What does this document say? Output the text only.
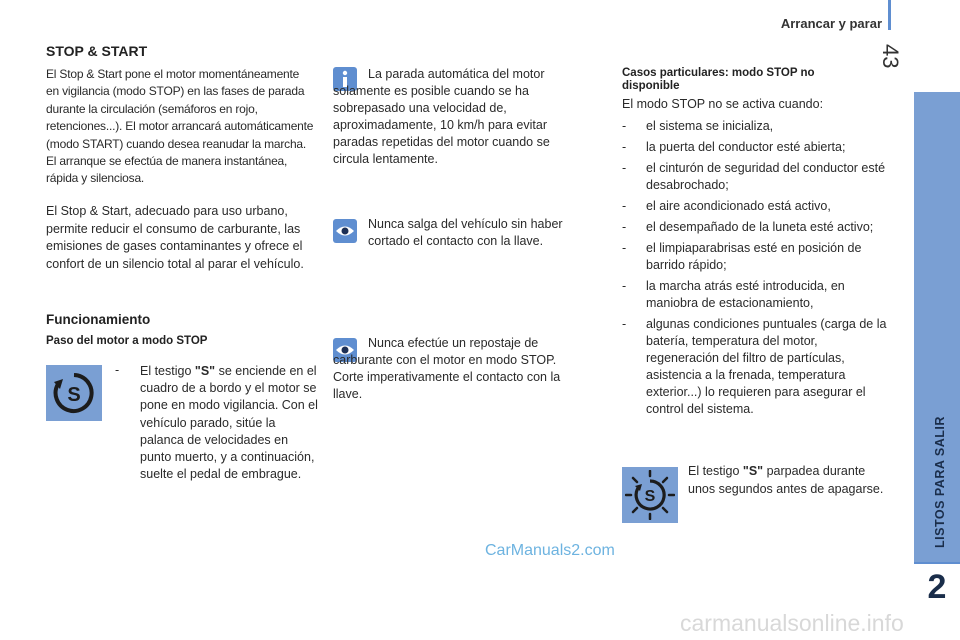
Arrancar y parar
43
LISTOS PARA SALIR
2
STOP & START
El Stop & Start pone el motor momentáneamente en vigilancia (modo STOP) en las fases de parada durante la circulación (semáforos en rojo, retenciones...). El motor arrancará automáticamente (modo START) cuando desea reanudar la marcha. El arranque se efectúa de manera instantánea, rápida y silenciosa.
El Stop & Start, adecuado para uso urbano, permite reducir el consumo de carburante, las emisiones de gases contaminantes y ofrece el confort de un silencio total al parar el vehículo.
Funcionamiento
Paso del motor a modo STOP
S
- El testigo "S" se enciende en el cuadro de a bordo y el motor se pone en modo vigilancia. Con el vehículo parado, sitúe la palanca de velocidades en punto muerto, y a continuación, suelte el pedal de embrague.
La parada automática del motor solamente es posible cuando se ha sobrepasado una velocidad de, aproximadamente, 10 km/h para evitar paradas repetidas del motor cuando se circula lentamente.
Nunca salga del vehículo sin haber cortado el contacto con la llave.
Nunca efectúe un repostaje de carburante con el motor en modo STOP. Corte imperativamente el contacto con la llave.
Casos particulares: modo STOP no disponible
El modo STOP no se activa cuando:
- el sistema se inicializa,
- la puerta del conductor esté abierta;
- el cinturón de seguridad del conductor esté desabrochado;
- el aire acondicionado está activo,
- el desempañado de la luneta esté activo;
- el limpiaparabrisas esté en posición de barrido rápido;
- la marcha atrás esté introducida, en maniobra de estacionamiento,
- algunas condiciones puntuales (carga de la batería, temperatura del motor, regeneración del filtro de partículas, asistencia a la frenada, temperatura exterior...) lo requieren para asegurar el control del sistema.
S
El testigo "S" parpadea durante unos segundos antes de apagarse.
CarManuals2.com
carmanualsonline.info
